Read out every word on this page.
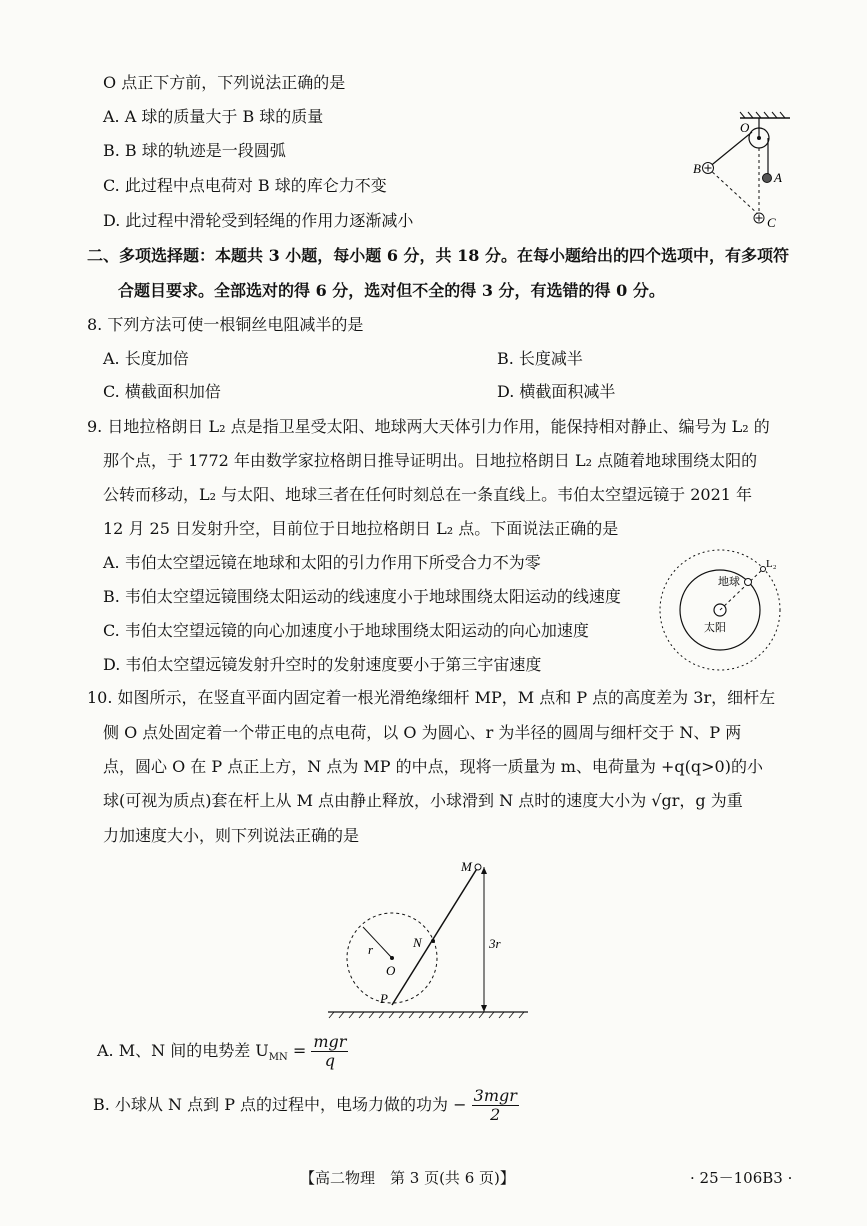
O 点正下方前，下列说法正确的是
A. A 球的质量大于 B 球的质量
B. B 球的轨迹是一段圆弧
C. 此过程中点电荷对 B 球的库仑力不变
D. 此过程中滑轮受到轻绳的作用力逐渐减小
O
B
A
C
二、多项选择题：本题共 3 小题，每小题 6 分，共 18 分。在每小题给出的四个选项中，有多项符
合题目要求。全部选对的得 6 分，选对但不全的得 3 分，有选错的得 0 分。
8. 下列方法可使一根铜丝电阻减半的是
A. 长度加倍	B. 长度减半
C. 横截面积加倍	D. 横截面积减半
9. 日地拉格朗日 L₂ 点是指卫星受太阳、地球两大天体引力作用，能保持相对静止、编号为 L₂ 的
那个点，于 1772 年由数学家拉格朗日推导证明出。日地拉格朗日 L₂ 点随着地球围绕太阳的
公转而移动，L₂ 与太阳、地球三者在任何时刻总在一条直线上。韦伯太空望远镜于 2021 年
12 月 25 日发射升空，目前位于日地拉格朗日 L₂ 点。下面说法正确的是
A. 韦伯太空望远镜在地球和太阳的引力作用下所受合力不为零
B. 韦伯太空望远镜围绕太阳运动的线速度小于地球围绕太阳运动的线速度
C. 韦伯太空望远镜的向心加速度小于地球围绕太阳运动的向心加速度
D. 韦伯太空望远镜发射升空时的发射速度要小于第三宇宙速度
L₂
地球
太阳
10. 如图所示，在竖直平面内固定着一根光滑绝缘细杆 MP，M 点和 P 点的高度差为 3r，细杆左
侧 O 点处固定着一个带正电的点电荷，以 O 为圆心、r 为半径的圆周与细杆交于 N、P 两
点，圆心 O 在 P 点正上方，N 点为 MP 的中点，现将一质量为 m、电荷量为 +q(q>0)的小
球(可视为质点)套在杆上从 M 点由静止释放，小球滑到 N 点时的速度大小为 √gr，g 为重
力加速度大小，则下列说法正确的是
M
N
O
P
r	3r
A. M、N 间的电势差 $U_{MN} = \frac{\text{mgr}}{q}$
B. 小球从 N 点到 P 点的过程中，电场力做的功为 − $\frac{\text{3mgr}}{2}$
【高二物理　第 3 页(共 6 页)】	· 25－106B3 ·
